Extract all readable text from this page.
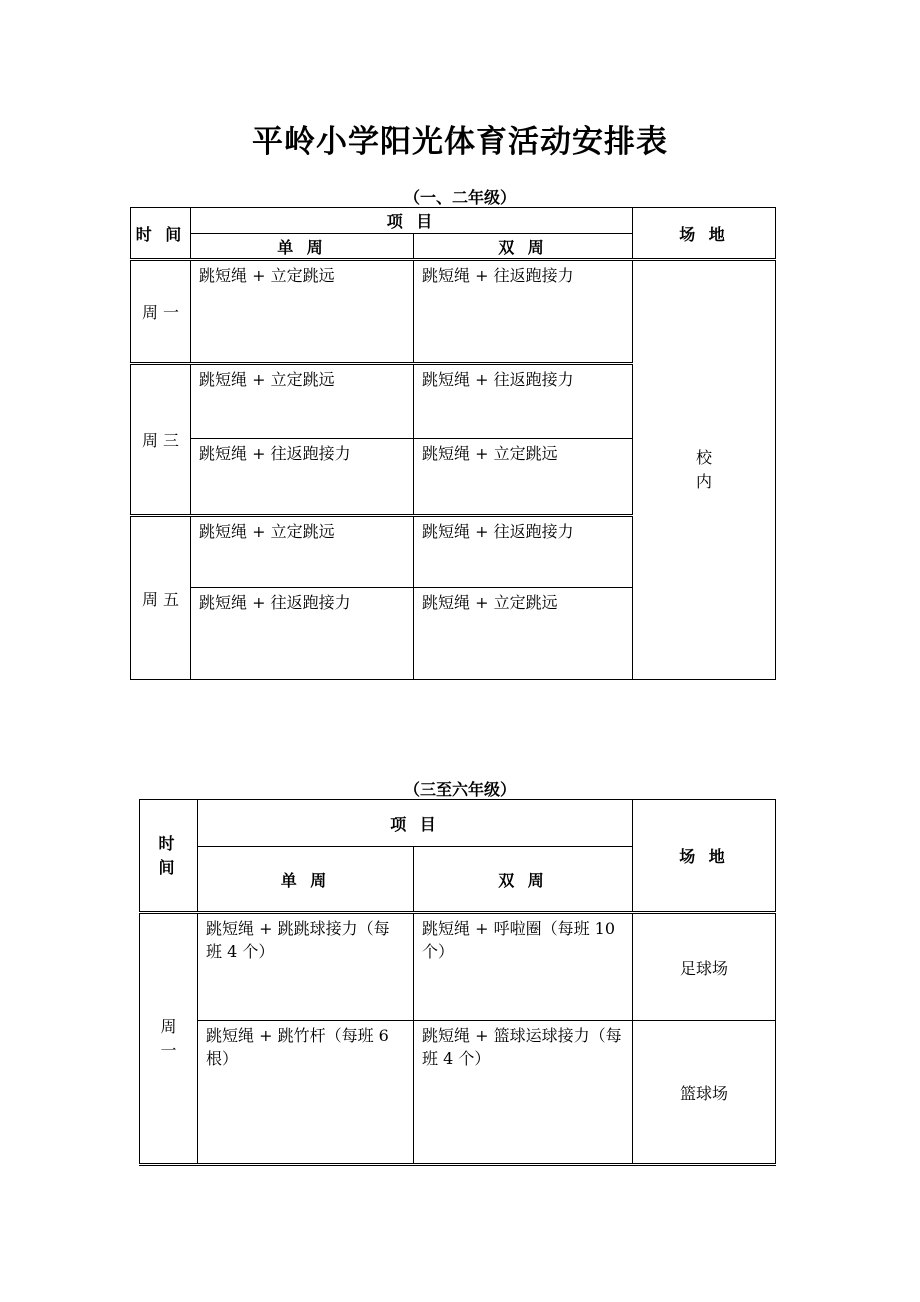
平岭小学阳光体育活动安排表
（一、二年级）
时 间	项 目		场 地
	单 周	双 周	
周 一	跳短绳 + 立定跳远	跳短绳 + 往返跑接力	校
内

周 三	跳短绳 + 立定跳远	跳短绳 + 往返跑接力	
	跳短绳 + 往返跑接力	跳短绳 + 立定跳远	
周 五	跳短绳 + 立定跳远	跳短绳 + 往返跑接力	
	跳短绳 + 往返跑接力	跳短绳 + 立定跳远	
（三至六年级）
时
间	项 目		场 地
	单 周	双 周	

周
一	跳短绳 + 跳跳球接力（每班 4 个）	跳短绳 + 呼啦圈（每班 10 个）	足球场
	跳短绳 + 跳竹杆（每班 6 根）	跳短绳 + 篮球运球接力（每班 4 个）	篮球场
